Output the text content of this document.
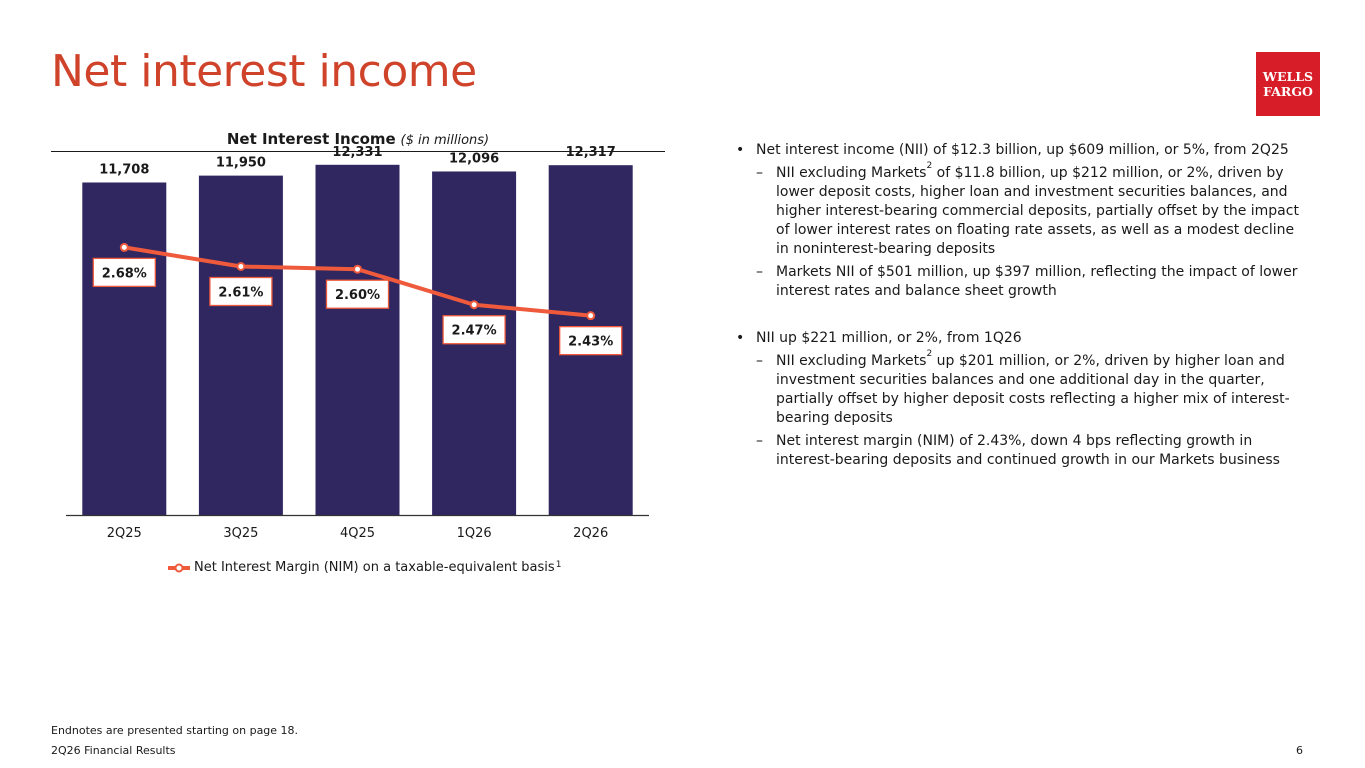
Net interest income	WELLS
FARGO
Net Interest Income ($ in millions)
11,708	11,950
12,331	12,096	12,317
2Q25	3Q25	4Q25	1Q26	2Q26
2.68%
2.61%	2.60%
2.47%
2.43%
Net Interest Margin (NIM) on a taxable-equivalent basis$^1$
• Net interest income (NII) of $12.3 billion, up $609 million, or 5%, from 2Q25
– NII excluding Markets$^2$ of $11.8 billion, up $212 million, or 2%, driven by lower deposit costs, higher loan and investment securities balances, and higher interest-bearing commercial deposits, partially offset by the impact of lower interest rates on floating rate assets, as well as a modest decline in noninterest-bearing deposits
– Markets NII of $501 million, up $397 million, reflecting the impact of lower interest rates and balance sheet growth
• NII up $221 million, or 2%, from 1Q26
– NII excluding Markets$^2$ up $201 million, or 2%, driven by higher loan and investment securities balances and one additional day in the quarter, partially offset by higher deposit costs reflecting a higher mix of interest-bearing deposits
– Net interest margin (NIM) of 2.43%, down 4 bps reflecting growth in interest-bearing deposits and continued growth in our Markets business
Endnotes are presented starting on page 18.
2Q26 Financial Results	6
